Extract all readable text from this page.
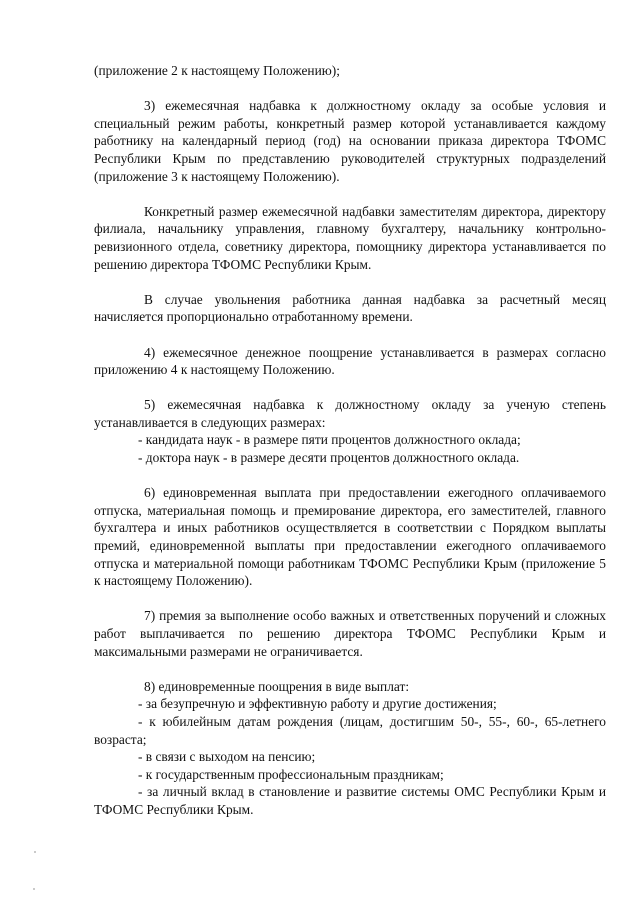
(приложение 2 к настоящему Положению);

3) ежемесячная надбавка к должностному окладу за особые условия и специальный режим работы, конкретный размер которой устанавливается каждому работнику на календарный период (год) на основании приказа директора ТФОМС Республики Крым по представлению руководителей структурных подразделений (приложение 3 к настоящему Положению).

Конкретный размер ежемесячной надбавки заместителям директора, директору филиала, начальнику управления, главному бухгалтеру, начальнику контрольно-ревизионного отдела, советнику директора, помощнику директора устанавливается по решению директора ТФОМС Республики Крым.

В случае увольнения работника данная надбавка за расчетный месяц начисляется пропорционально отработанному времени.

4) ежемесячное денежное поощрение устанавливается в размерах согласно приложению 4 к настоящему Положению.

5) ежемесячная надбавка к должностному окладу за ученую степень устанавливается в следующих размерах:

- кандидата наук - в размере пяти процентов должностного оклада;

- доктора наук - в размере десяти процентов должностного оклада.

6) единовременная выплата при предоставлении ежегодного оплачиваемого отпуска, материальная помощь и премирование директора, его заместителей, главного бухгалтера и иных работников осуществляется в соответствии с Порядком выплаты премий, единовременной выплаты при предоставлении ежегодного оплачиваемого отпуска и материальной помощи работникам ТФОМС Республики Крым (приложение 5 к настоящему Положению).

7) премия за выполнение особо важных и ответственных поручений и сложных работ выплачивается по решению директора ТФОМС Республики Крым и максимальными размерами не ограничивается.

8) единовременные поощрения в виде выплат:

- за безупречную и эффективную работу и другие достижения;

- к юбилейным датам рождения (лицам, достигшим 50-, 55-, 60-, 65-летнего возраста;

- в связи с выходом на пенсию;

- к государственным профессиональным праздникам;

- за личный вклад в становление и развитие системы ОМС Республики Крым и ТФОМС Республики Крым.
